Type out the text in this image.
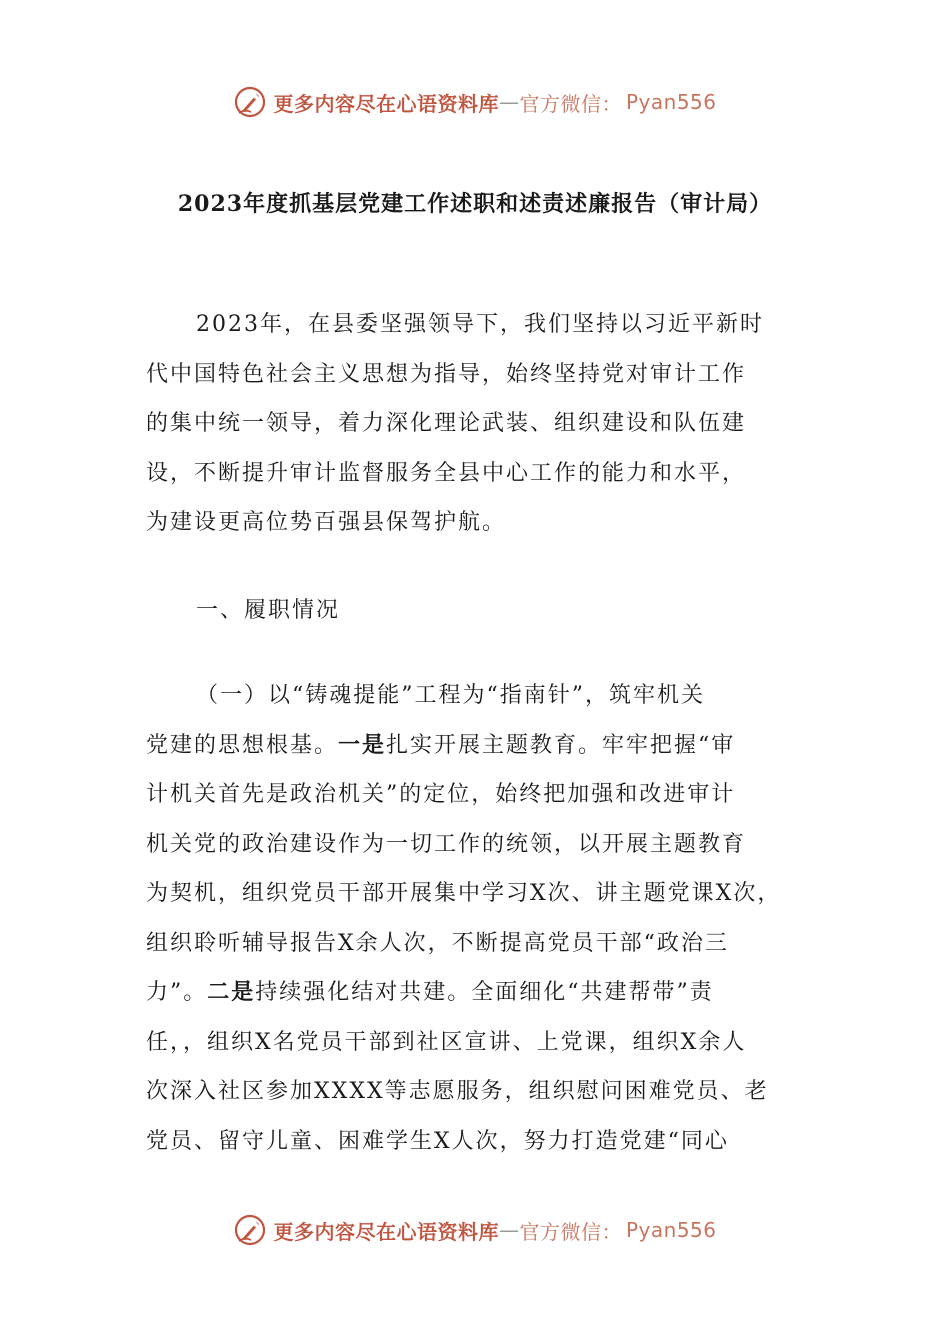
更多内容尽在心语资料库 — 官方微信： Pyan556
2023年度抓基层党建工作述职和述责述廉报告（审计局）

2023年，在县委坚强领导下，我们坚持以习近平新时
代中国特色社会主义思想为指导，始终坚持党对审计工作
的集中统一领导，着力深化理论武装、组织建设和队伍建
设，不断提升审计监督服务全县中心工作的能力和水平，
为建设更高位势百强县保驾护航。

一、履职情况

（一）以“铸魂提能”工程为“指南针”，筑牢机关
党建的思想根基。一是扎实开展主题教育。牢牢把握“审
计机关首先是政治机关”的定位，始终把加强和改进审计
机关党的政治建设作为一切工作的统领，以开展主题教育
为契机，组织党员干部开展集中学习X次、讲主题党课X次，
组织聆听辅导报告X余人次，不断提高党员干部“政治三
力”。二是持续强化结对共建。全面细化“共建帮带”责
任，，组织X名党员干部到社区宣讲、上党课，组织X余人
次深入社区参加XXXX等志愿服务，组织慰问困难党员、老
党员、留守儿童、困难学生X人次，努力打造党建“同心

更多内容尽在心语资料库 — 官方微信： Pyan556
